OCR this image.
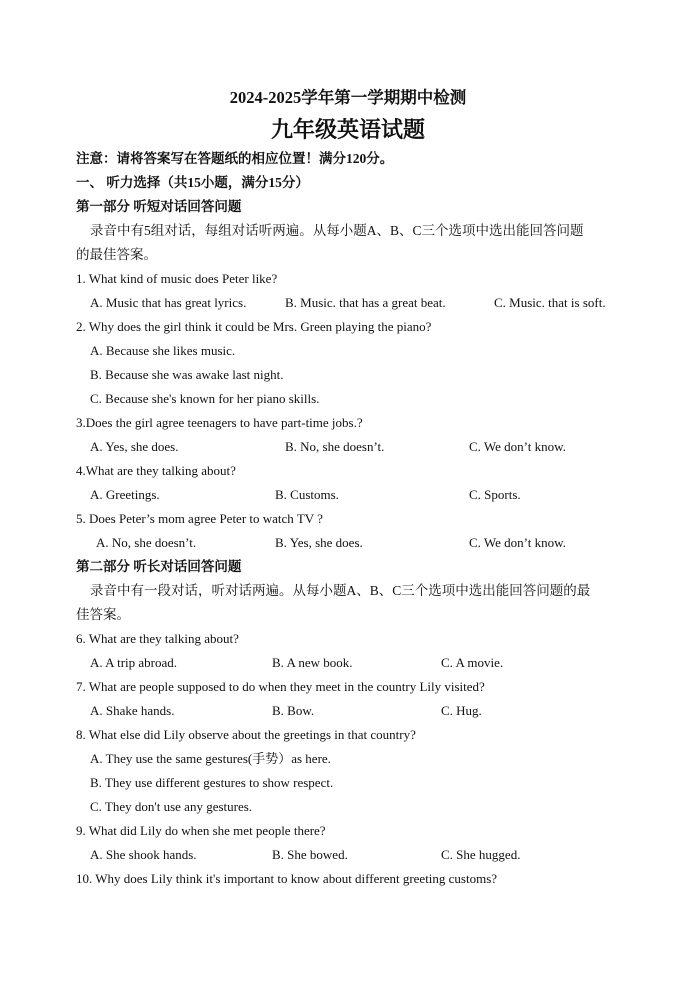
2024-2025学年第一学期期中检测
九年级英语试题
注意：请将答案写在答题纸的相应位置！满分120分。
一、 听力选择（共15小题，满分15分）
第一部分 听短对话回答问题
录音中有5组对话，每组对话听两遍。从每小题A、B、C三个选项中选出能回答问题
的最佳答案。
1. What kind of music does Peter like?
A. Music that has great lyrics.	B. Music. that has a great beat.	C. Music. that is soft.
2. Why does the girl think it could be Mrs. Green playing the piano?
A. Because she likes music.
B. Because she was awake last night.
C. Because she's known for her piano skills.
3.Does the girl agree teenagers to have part-time jobs.?
A. Yes, she does.	B. No, she doesn’t.	C. We don’t know.
4.What are they talking about?
A. Greetings.	B. Customs.	C. Sports.
5. Does Peter’s mom agree Peter to watch TV ?
A. No, she doesn’t.	B. Yes, she does.	C. We don’t know.
第二部分 听长对话回答问题
录音中有一段对话，听对话两遍。从每小题A、B、C三个选项中选出能回答问题的最
佳答案。
6. What are they talking about?
A. A trip abroad.	B. A new book.	C. A movie.
7. What are people supposed to do when they meet in the country Lily visited?
A. Shake hands.	B. Bow.	C. Hug.
8. What else did Lily observe about the greetings in that country?
A. They use the same gestures(手势）as here.
B. They use different gestures to show respect.
C. They don't use any gestures.
9. What did Lily do when she met people there?
A. She shook hands.	B. She bowed.	C. She hugged.
10. Why does Lily think it's important to know about different greeting customs?
